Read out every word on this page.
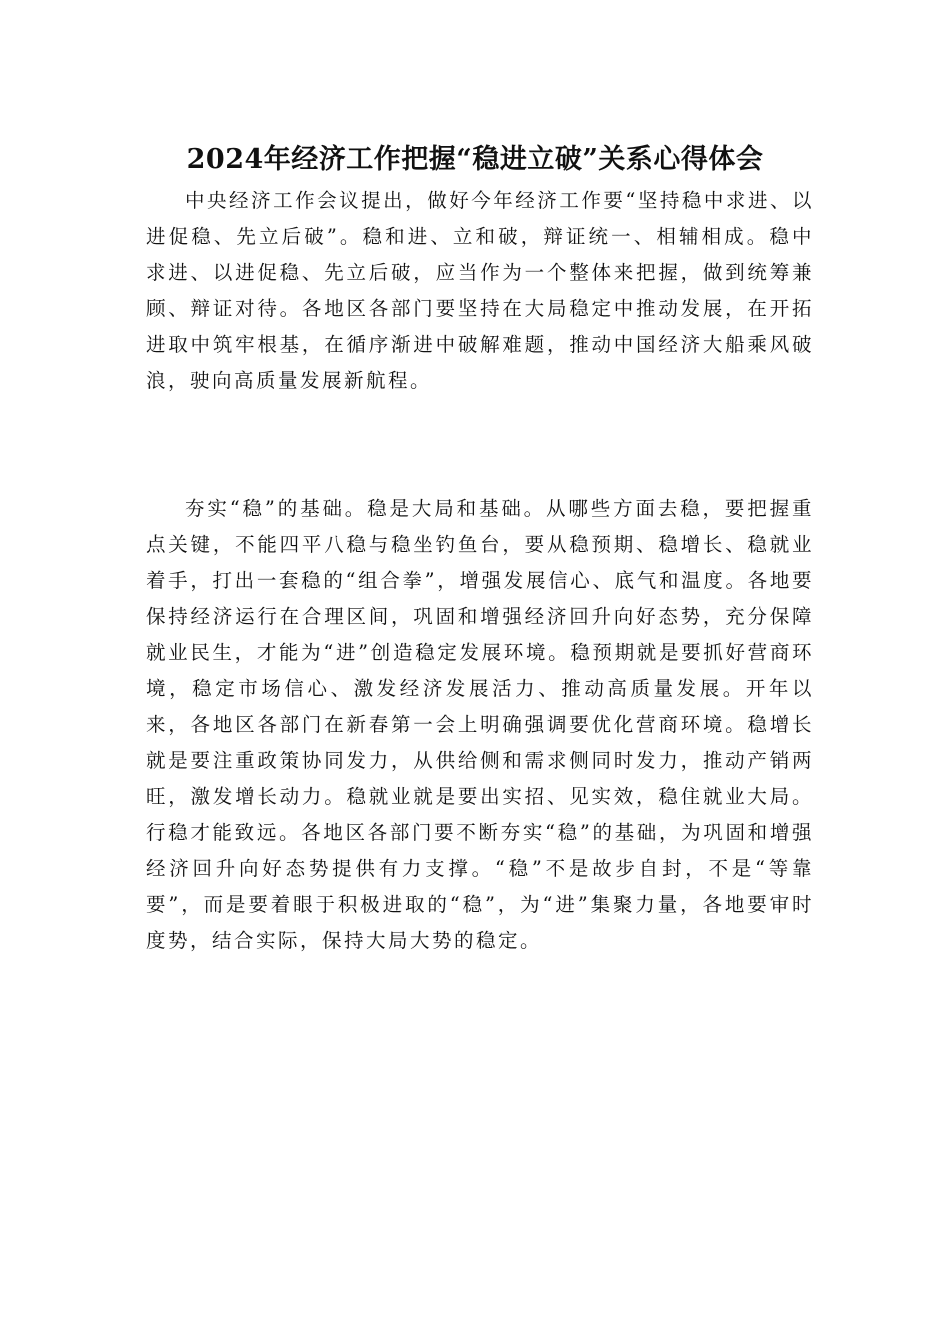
2024年经济工作把握“稳进立破”关系心得体会

中央经济工作会议提出，做好今年经济工作要“坚持稳中求进、以进促稳、先立后破”。稳和进、立和破，辩证统一、相辅相成。稳中求进、以进促稳、先立后破，应当作为一个整体来把握，做到统筹兼顾、辩证对待。各地区各部门要坚持在大局稳定中推动发展，在开拓进取中筑牢根基，在循序渐进中破解难题，推动中国经济大船乘风破浪，驶向高质量发展新航程。

夯实“稳”的基础。稳是大局和基础。从哪些方面去稳，要把握重点关键，不能四平八稳与稳坐钓鱼台，要从稳预期、稳增长、稳就业着手，打出一套稳的“组合拳”，增强发展信心、底气和温度。各地要保持经济运行在合理区间，巩固和增强经济回升向好态势，充分保障就业民生，才能为“进”创造稳定发展环境。稳预期就是要抓好营商环境，稳定市场信心、激发经济发展活力、推动高质量发展。开年以来，各地区各部门在新春第一会上明确强调要优化营商环境。稳增长就是要注重政策协同发力，从供给侧和需求侧同时发力，推动产销两旺，激发增长动力。稳就业就是要出实招、见实效，稳住就业大局。行稳才能致远。各地区各部门要不断夯实“稳”的基础，为巩固和增强经济回升向好态势提供有力支撑。“稳”不是故步自封，不是“等靠要”，而是要着眼于积极进取的“稳”，为“进”集聚力量，各地要审时度势，结合实际，保持大局大势的稳定。
